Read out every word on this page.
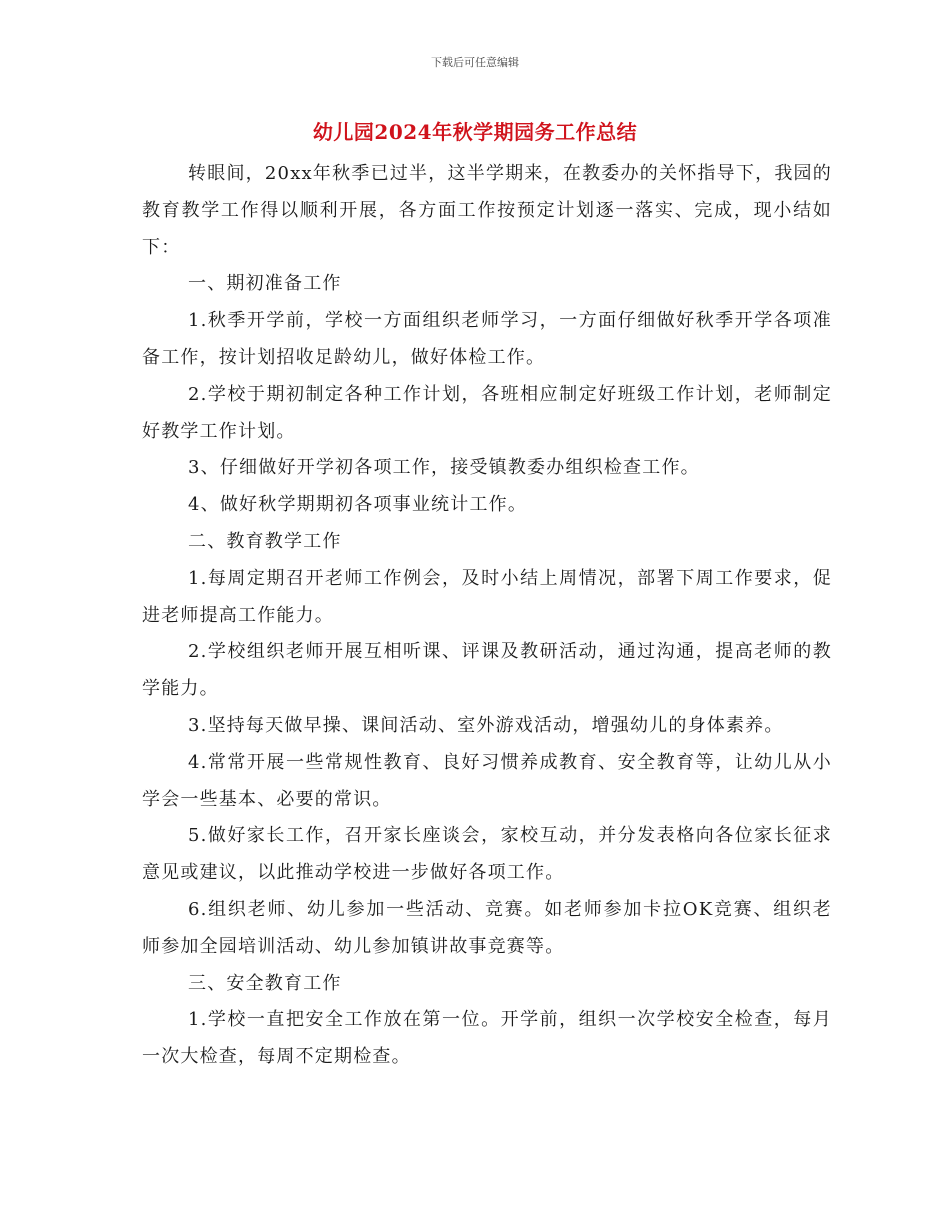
下载后可任意编辑
幼儿园2024年秋学期园务工作总结

转眼间，20xx年秋季已过半，这半学期来，在教委办的关怀指导下，我园的教育教学工作得以顺利开展，各方面工作按预定计划逐一落实、完成，现小结如下：

一、期初准备工作

1.秋季开学前，学校一方面组织老师学习，一方面仔细做好秋季开学各项准备工作，按计划招收足龄幼儿，做好体检工作。

2.学校于期初制定各种工作计划，各班相应制定好班级工作计划，老师制定好教学工作计划。

3、仔细做好开学初各项工作，接受镇教委办组织检查工作。

4、做好秋学期期初各项事业统计工作。

二、教育教学工作

1.每周定期召开老师工作例会，及时小结上周情况，部署下周工作要求，促进老师提高工作能力。

2.学校组织老师开展互相听课、评课及教研活动，通过沟通，提高老师的教学能力。

3.坚持每天做早操、课间活动、室外游戏活动，增强幼儿的身体素养。

4.常常开展一些常规性教育、良好习惯养成教育、安全教育等，让幼儿从小学会一些基本、必要的常识。

5.做好家长工作，召开家长座谈会，家校互动，并分发表格向各位家长征求意见或建议，以此推动学校进一步做好各项工作。

6.组织老师、幼儿参加一些活动、竞赛。如老师参加卡拉OK竞赛、组织老师参加全园培训活动、幼儿参加镇讲故事竞赛等。

三、安全教育工作

1.学校一直把安全工作放在第一位。开学前，组织一次学校安全检查，每月一次大检查，每周不定期检查。
